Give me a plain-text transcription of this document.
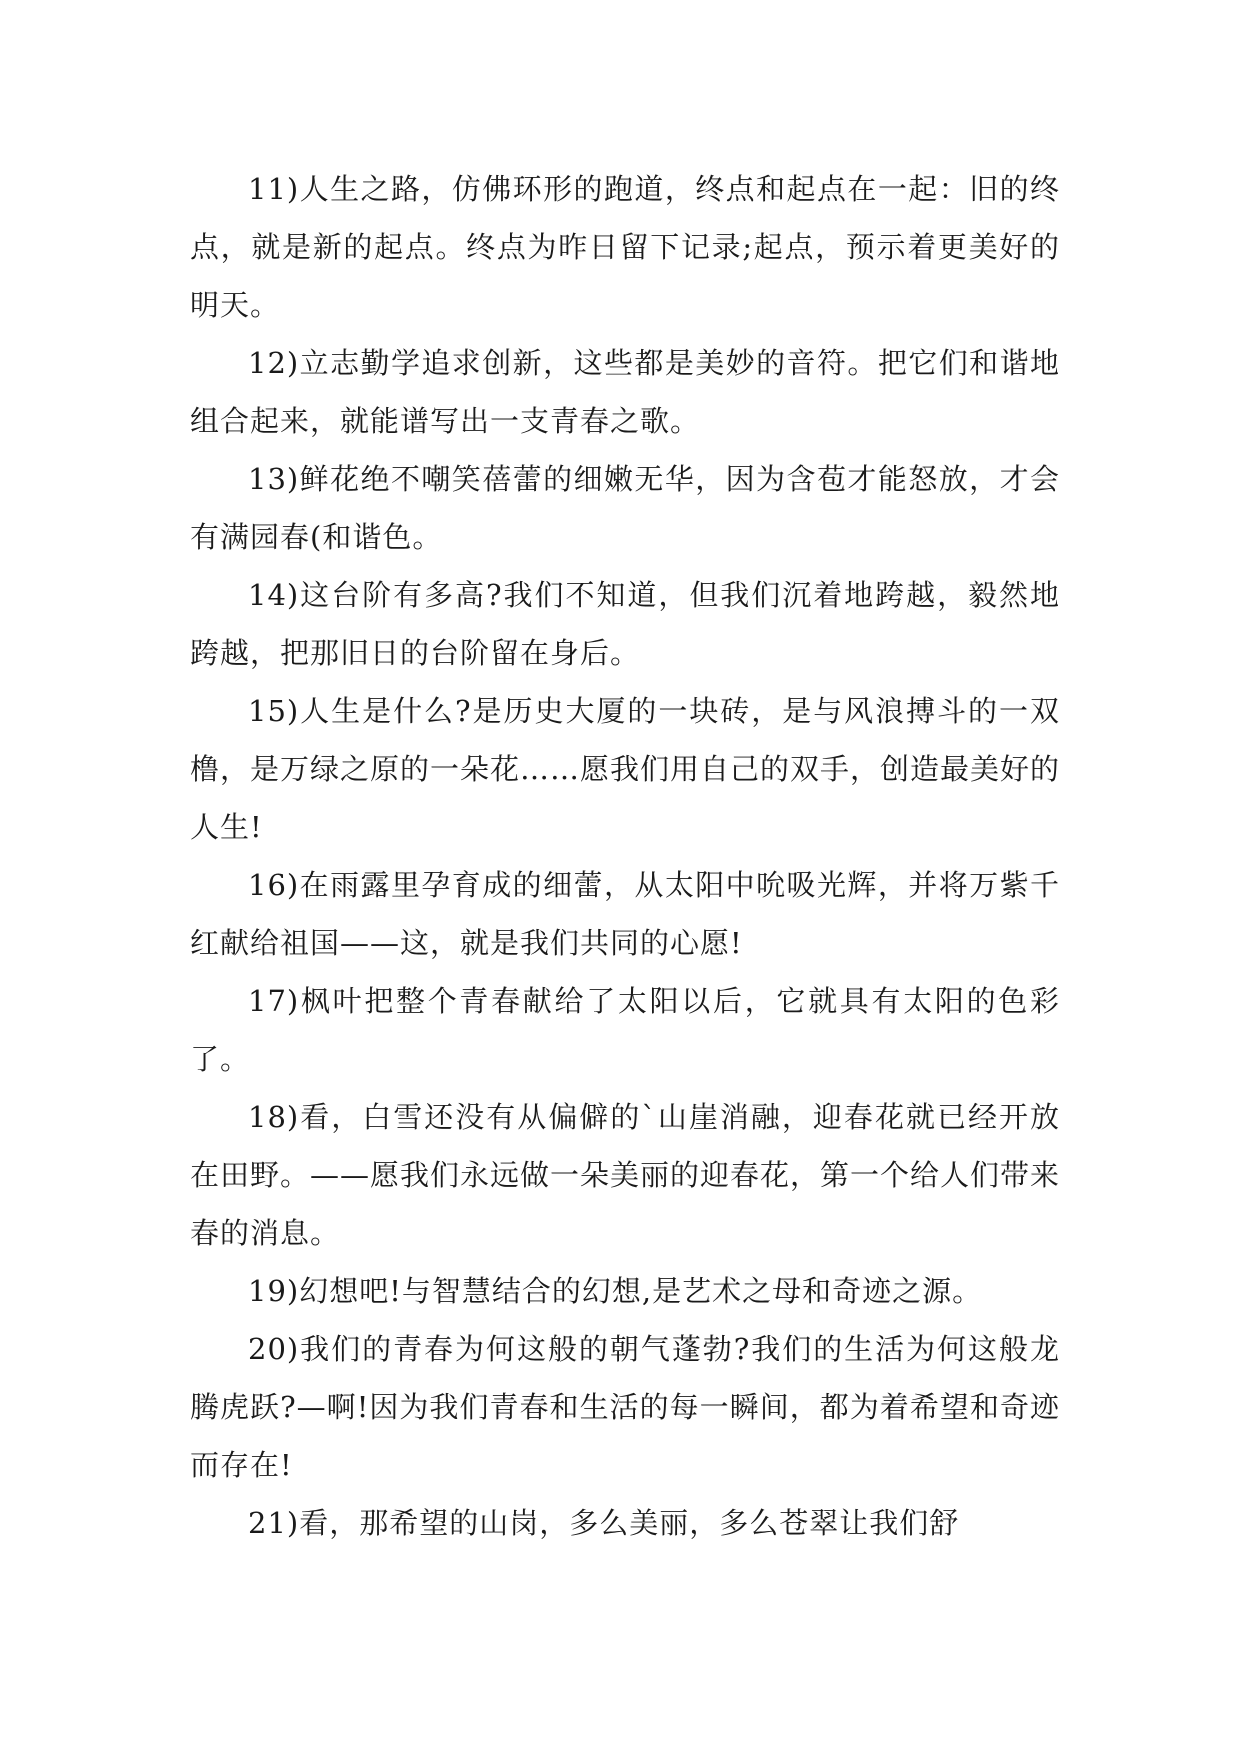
11)人生之路，仿佛环形的跑道，终点和起点在一起：旧的终点，就是新的起点。终点为昨日留下记录;起点，预示着更美好的明天。

12)立志勤学追求创新，这些都是美妙的音符。把它们和谐地组合起来，就能谱写出一支青春之歌。

13)鲜花绝不嘲笑蓓蕾的细嫩无华，因为含苞才能怒放，才会有满园春(和谐色。

14)这台阶有多高?我们不知道，但我们沉着地跨越，毅然地跨越，把那旧日的台阶留在身后。

15)人生是什么?是历史大厦的一块砖，是与风浪搏斗的一双橹，是万绿之原的一朵花……愿我们用自己的双手，创造最美好的人生!

16)在雨露里孕育成的细蕾，从太阳中吮吸光辉，并将万紫千红献给祖国——这，就是我们共同的心愿!

17)枫叶把整个青春献给了太阳以后，它就具有太阳的色彩了。

18)看，白雪还没有从偏僻的`山崖消融，迎春花就已经开放在田野。——愿我们永远做一朵美丽的迎春花，第一个给人们带来春的消息。

19)幻想吧!与智慧结合的幻想,是艺术之母和奇迹之源。

20)我们的青春为何这般的朝气蓬勃?我们的生活为何这般龙腾虎跃?—啊!因为我们青春和生活的每一瞬间，都为着希望和奇迹而存在!

21)看，那希望的山岗，多么美丽，多么苍翠让我们舒
